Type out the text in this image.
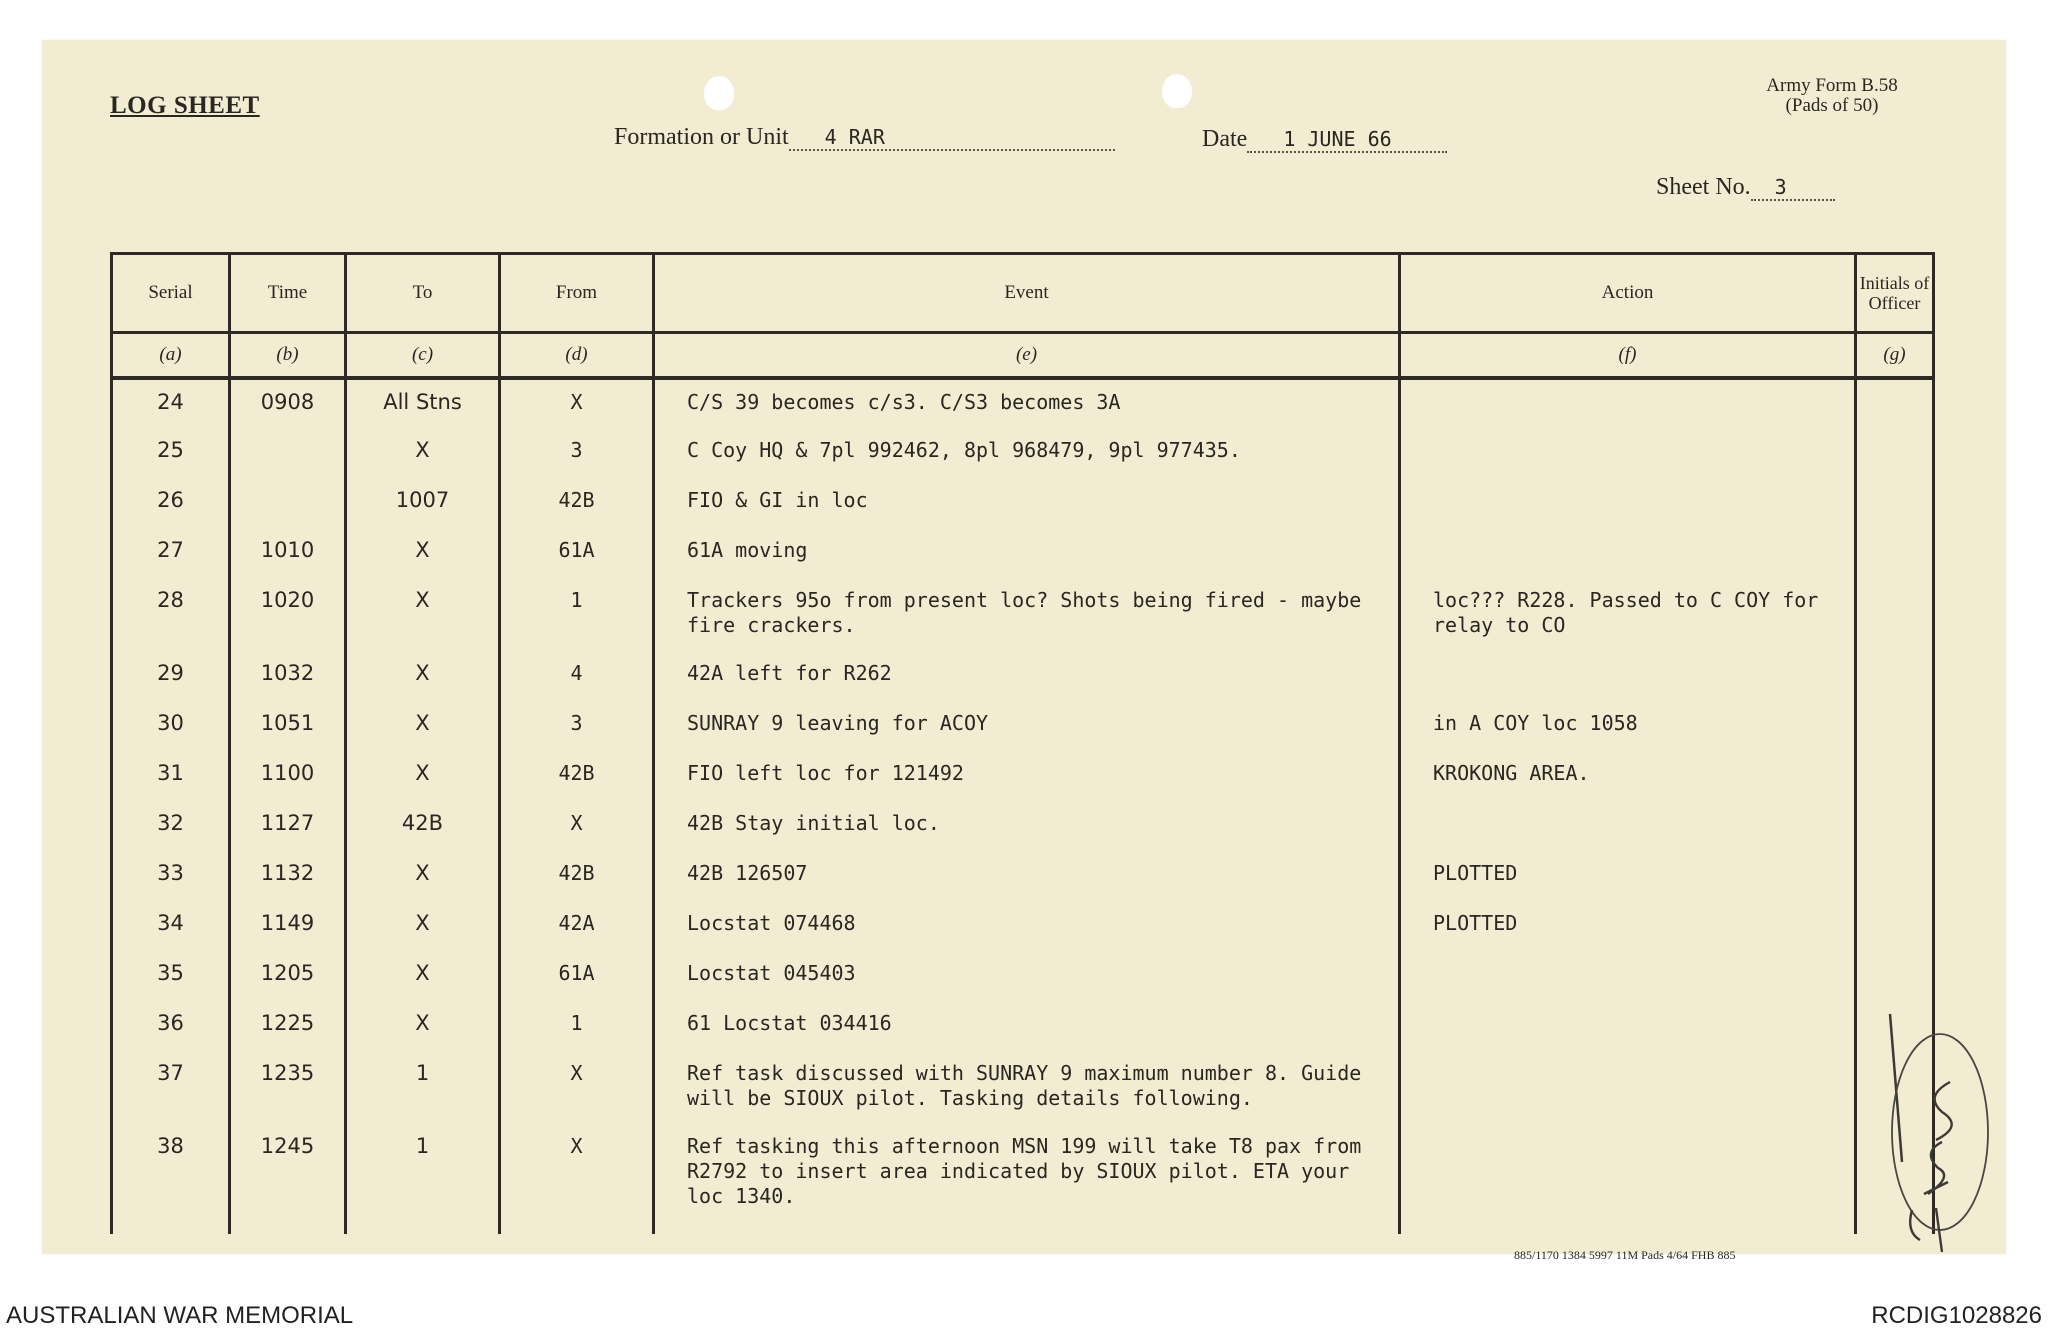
LOG SHEET
Army Form B.58
(Pads of 50)
Formation or Unit 4 RAR	Date 1 JUNE 66
Sheet No. 3
Serial	Time	To	From	Event	Action	Initials of Officer
(a)	(b)	(c)	(d)	(e)	(f)	(g)
24	0908	All Stns	X	C/S 39 becomes c/s3. C/S3 becomes 3A		
25		X	3	C Coy HQ & 7pl 992462, 8pl 968479, 9pl 977435.		
26		1007	42B	FIO & GI in loc		
27	1010	X	61A	61A moving		
28	1020	X	1	Trackers 95o from present loc? Shots being fired - maybe fire crackers.	loc??? R228. Passed to C COY for relay to CO	
29	1032	X	4	42A left for R262		
30	1051	X	3	SUNRAY 9 leaving for ACOY	in A COY loc 1058	
31	1100	X	42B	FIO left loc for 121492	KROKONG AREA.	
32	1127	42B	X	42B Stay initial loc.		
33	1132	X	42B	42B 126507	PLOTTED	
34	1149	X	42A	Locstat 074468	PLOTTED	
35	1205	X	61A	Locstat 045403		
36	1225	X	1	61 Locstat 034416		
37	1235	1	X	Ref task discussed with SUNRAY 9 maximum number 8. Guide will be SIOUX pilot. Tasking details following.		
38	1245	1	X	Ref tasking this afternoon MSN 199 will take T8 pax from R2792 to insert area indicated by SIOUX pilot. ETA your loc 1340.		
885/1170 1384 5997 11M Pads 4/64 FHB 885
AUSTRALIAN WAR MEMORIAL	RCDIG1028826
